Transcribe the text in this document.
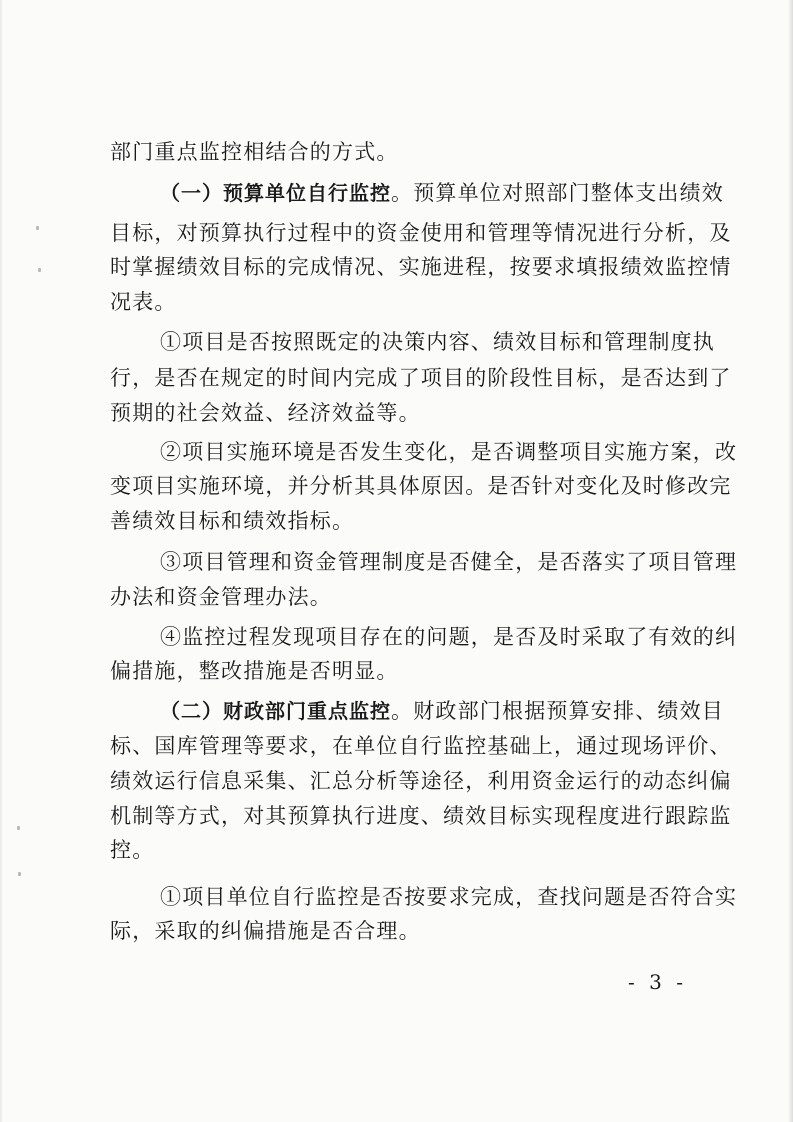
部门重点监控相结合的方式。
（一）预算单位自行监控。预算单位对照部门整体支出绩效
目标，对预算执行过程中的资金使用和管理等情况进行分析，及
时掌握绩效目标的完成情况、实施进程，按要求填报绩效监控情
况表。
①项目是否按照既定的决策内容、绩效目标和管理制度执
行，是否在规定的时间内完成了项目的阶段性目标，是否达到了
预期的社会效益、经济效益等。
②项目实施环境是否发生变化，是否调整项目实施方案，改
变项目实施环境，并分析其具体原因。是否针对变化及时修改完
善绩效目标和绩效指标。
③项目管理和资金管理制度是否健全，是否落实了项目管理
办法和资金管理办法。
④监控过程发现项目存在的问题，是否及时采取了有效的纠
偏措施，整改措施是否明显。
（二）财政部门重点监控。财政部门根据预算安排、绩效目
标、国库管理等要求，在单位自行监控基础上，通过现场评价、
绩效运行信息采集、汇总分析等途径，利用资金运行的动态纠偏
机制等方式，对其预算执行进度、绩效目标实现程度进行跟踪监
控。
①项目单位自行监控是否按要求完成，查找问题是否符合实
际，采取的纠偏措施是否合理。
- 3 -
